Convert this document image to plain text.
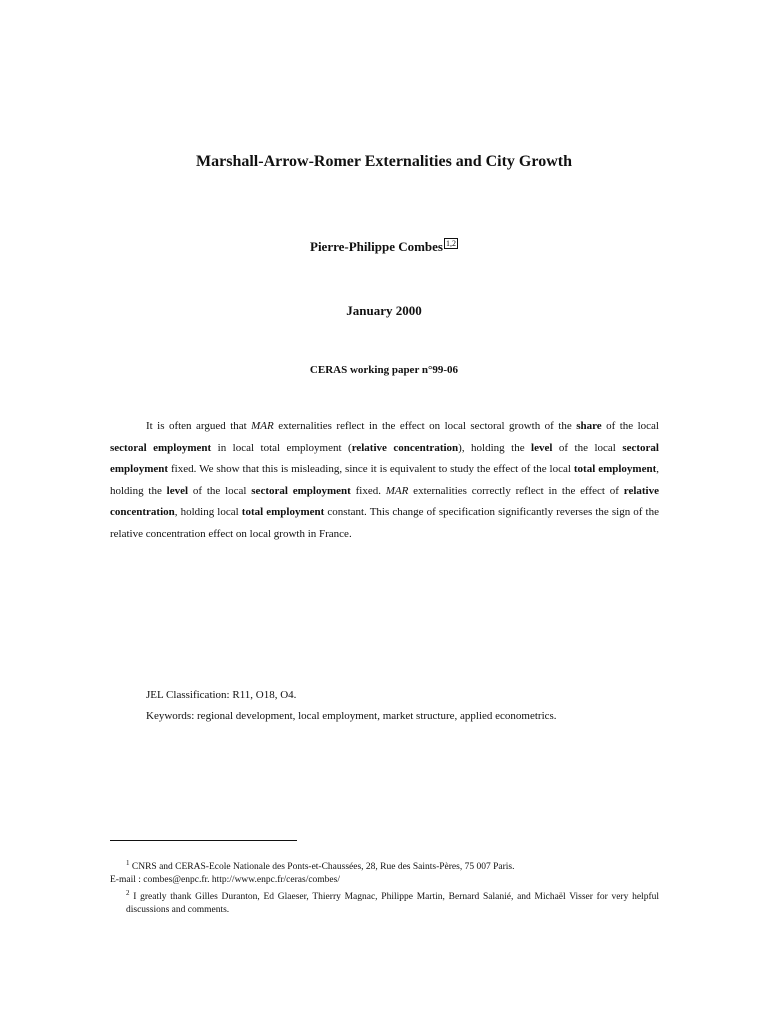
Marshall-Arrow-Romer Externalities and City Growth
Pierre-Philippe Combes 1,2
January 2000
CERAS working paper n°99-06
It is often argued that MAR externalities reflect in the effect on local sectoral growth of the share of the local sectoral employment in local total employment (relative concentration), holding the level of the local sectoral employment fixed. We show that this is misleading, since it is equivalent to study the effect of the local total employment, holding the level of the local sectoral employment fixed. MAR externalities correctly reflect in the effect of relative concentration, holding local total employment constant. This change of specification significantly reverses the sign of the relative concentration effect on local growth in France.
JEL Classification: R11, O18, O4.
Keywords: regional development, local employment, market structure, applied econometrics.
$^1$ CNRS and CERAS-Ecole Nationale des Ponts-et-Chaussées, 28, Rue des Saints-Pères, 75 007 Paris.
E-mail : combes@enpc.fr. http://www.enpc.fr/ceras/combes/
$^2$ I greatly thank Gilles Duranton, Ed Glaeser, Thierry Magnac, Philippe Martin, Bernard Salanié, and Michaël Visser for very helpful discussions and comments.
